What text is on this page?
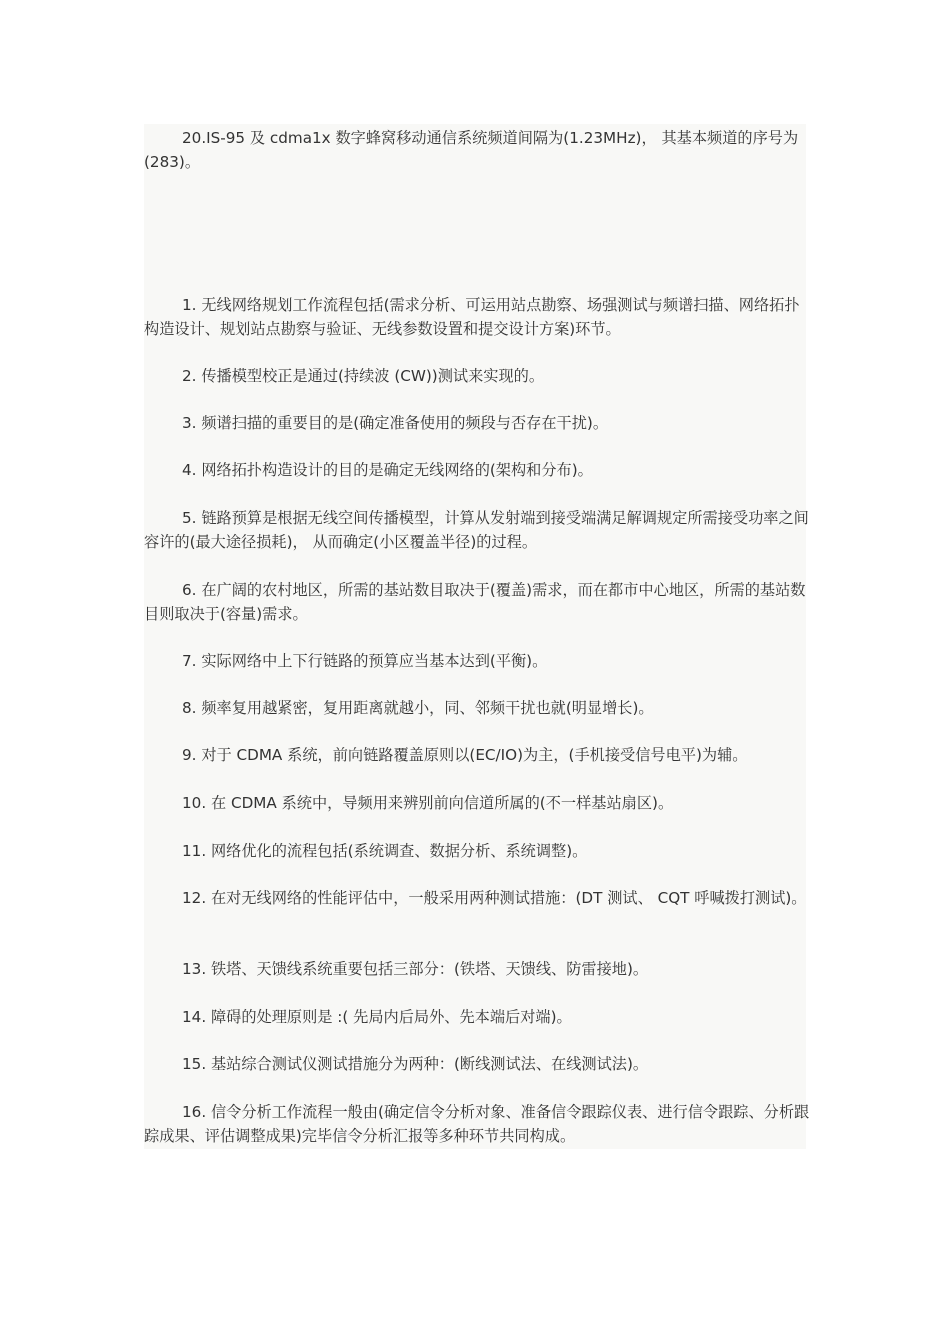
20.IS-95 及 cdma1x 数字蜂窝移动通信系统频道间隔为(1.23MHz)， 其基本频道的序号为(283)。

1. 无线网络规划工作流程包括(需求分析、可运用站点勘察、场强测试与频谱扫描、网络拓扑构造设计、规划站点勘察与验证、无线参数设置和提交设计方案)环节。

2. 传播模型校正是通过(持续波 (CW))测试来实现的。

3. 频谱扫描的重要目的是(确定准备使用的频段与否存在干扰)。

4. 网络拓扑构造设计的目的是确定无线网络的(架构和分布)。

5. 链路预算是根据无线空间传播模型，计算从发射端到接受端满足解调规定所需接受功率之间容许的(最大途径损耗)， 从而确定(小区覆盖半径)的过程。

6. 在广阔的农村地区，所需的基站数目取决于(覆盖)需求，而在都市中心地区，所需的基站数目则取决于(容量)需求。

7. 实际网络中上下行链路的预算应当基本达到(平衡)。

8. 频率复用越紧密，复用距离就越小，同、邻频干扰也就(明显增长)。

9. 对于 CDMA 系统，前向链路覆盖原则以(EC/IO)为主，(手机接受信号电平)为辅。

10. 在 CDMA 系统中，导频用来辨别前向信道所属的(不一样基站扇区)。

11. 网络优化的流程包括(系统调查、数据分析、系统调整)。

12. 在对无线网络的性能评估中，一般采用两种测试措施：(DT 测试、 CQT 呼喊拨打测试)。

13. 铁塔、天馈线系统重要包括三部分：(铁塔、天馈线、防雷接地)。

14. 障碍的处理原则是 :( 先局内后局外、先本端后对端)。

15. 基站综合测试仪测试措施分为两种：(断线测试法、在线测试法)。

16. 信令分析工作流程一般由(确定信令分析对象、准备信令跟踪仪表、进行信令跟踪、分析跟踪成果、评估调整成果)完毕信令分析汇报等多种环节共同构成。
